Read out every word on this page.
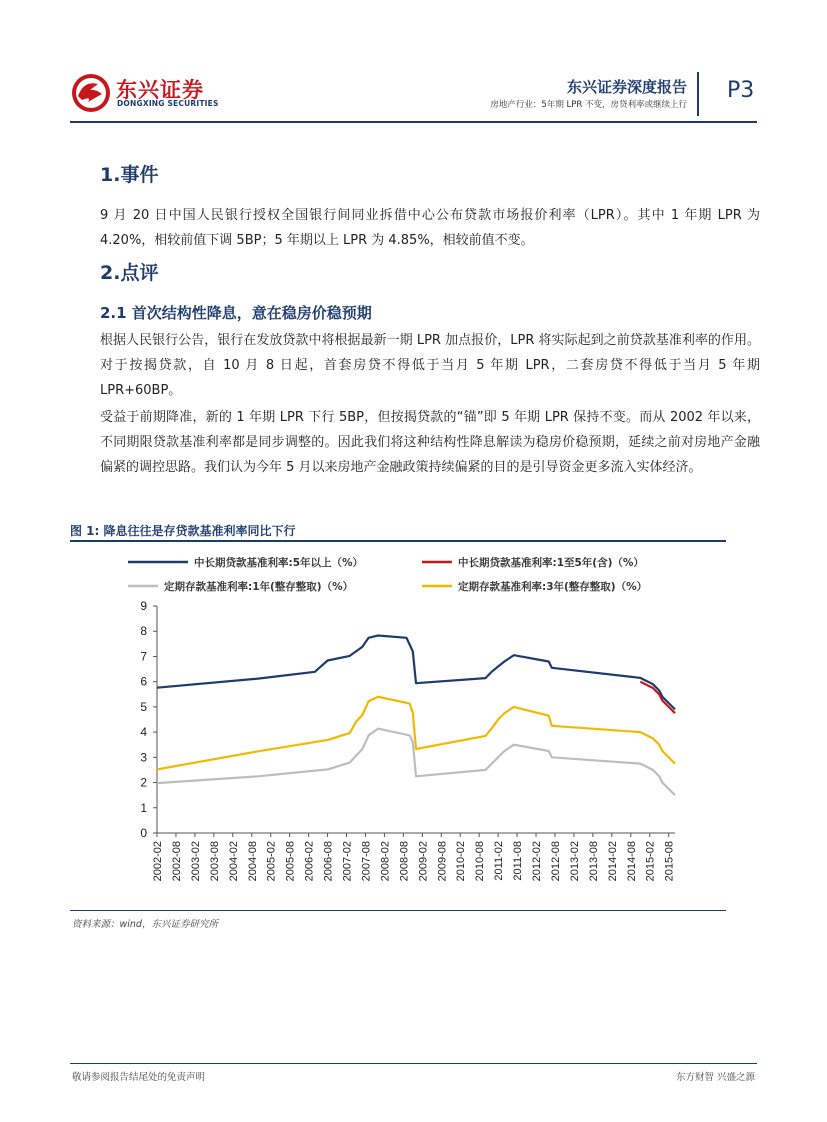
东兴证券
DONGXING SECURITIES
东兴证券深度报告
房地产行业：5年期 LPR 不变，房贷利率或继续上行
P3
1.事件

9 月 20 日中国人民银行授权全国银行间同业拆借中心公布贷款市场报价利率（LPR）。其中 1 年期 LPR 为 4.20%，相较前值下调 5BP；5 年期以上 LPR 为 4.85%，相较前值不变。

2.点评
2.1 首次结构性降息，意在稳房价稳预期

根据人民银行公告，银行在发放贷款中将根据最新一期 LPR 加点报价，LPR 将实际起到之前贷款基准利率的作用。对于按揭贷款，自 10 月 8 日起，首套房贷不得低于当月 5 年期 LPR，二套房贷不得低于当月 5 年期 LPR+60BP。

受益于前期降准，新的 1 年期 LPR 下行 5BP，但按揭贷款的“锚”即 5 年期 LPR 保持不变。而从 2002 年以来，不同期限贷款基准利率都是同步调整的。因此我们将这种结构性降息解读为稳房价稳预期，延续之前对房地产金融偏紧的调控思路。我们认为今年 5 月以来房地产金融政策持续偏紧的目的是引导资金更多流入实体经济。

图 1: 降息往往是存贷款基准利率同比下行
中长期贷款基准利率:5年以上（%）	中长期贷款基准利率:1至5年(含)（%）
定期存款基准利率:1年(整存整取)（%）	定期存款基准利率:3年(整存整取)（%）
0
1
2
3
4
5
6
7
8
9
2002-02 2002-08 2003-02 2003-08 2004-02 2004-08 2005-02 2005-08 2006-02 2006-08 2007-02 2007-08 2008-02 2008-08 2009-02 2009-08 2010-02 2010-08 2011-02 2011-08 2012-02 2012-08 2013-02 2013-08 2014-02 2014-08 2015-02 2015-08
资料来源：wind，东兴证券研究所
敬请参阅报告结尾处的免责声明	东方财智 兴盛之源
